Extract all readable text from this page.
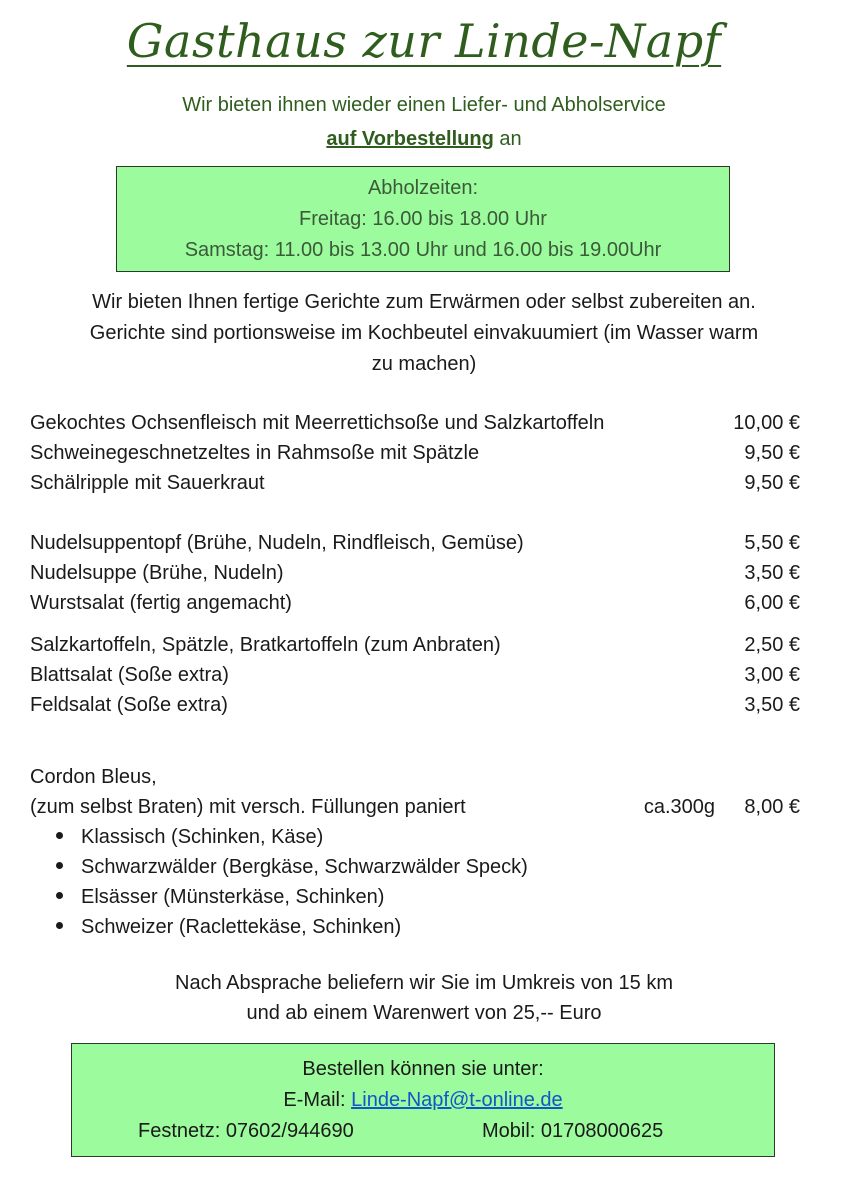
Gasthaus zur Linde-Napf
Wir bieten ihnen wieder einen Liefer- und Abholservice
auf Vorbestellung an
Abholzeiten:
Freitag: 16.00 bis 18.00 Uhr
Samstag: 11.00 bis 13.00 Uhr und 16.00 bis 19.00Uhr
Wir bieten Ihnen fertige Gerichte zum Erwärmen oder selbst zubereiten an.
Gerichte sind portionsweise im Kochbeutel einvakuumiert (im Wasser warm
zu machen)
Gekochtes Ochsenfleisch mit Meerrettichsoße und Salzkartoffeln	10,00 €
Schweinegeschnetzeltes in Rahmsoße mit Spätzle	9,50 €
Schälripple mit Sauerkraut	9,50 €
Nudelsuppentopf (Brühe, Nudeln, Rindfleisch, Gemüse)	5,50 €
Nudelsuppe (Brühe, Nudeln)	3,50 €
Wurstsalat (fertig angemacht)	6,00 €
Salzkartoffeln, Spätzle, Bratkartoffeln (zum Anbraten)	2,50 €
Blattsalat (Soße extra)	3,00 €
Feldsalat (Soße extra)	3,50 €
Cordon Bleus,
(zum selbst Braten) mit versch. Füllungen paniert	ca.300g 8,00 €
Klassisch (Schinken, Käse)
Schwarzwälder (Bergkäse, Schwarzwälder Speck)
Elsässer (Münsterkäse, Schinken)
Schweizer (Raclettekäse, Schinken)
Nach Absprache beliefern wir Sie im Umkreis von 15 km
und ab einem Warenwert von 25,-- Euro
Bestellen können sie unter:
E-Mail: Linde-Napf@t-online.de
Festnetz: 07602/944690	Mobil: 01708000625
